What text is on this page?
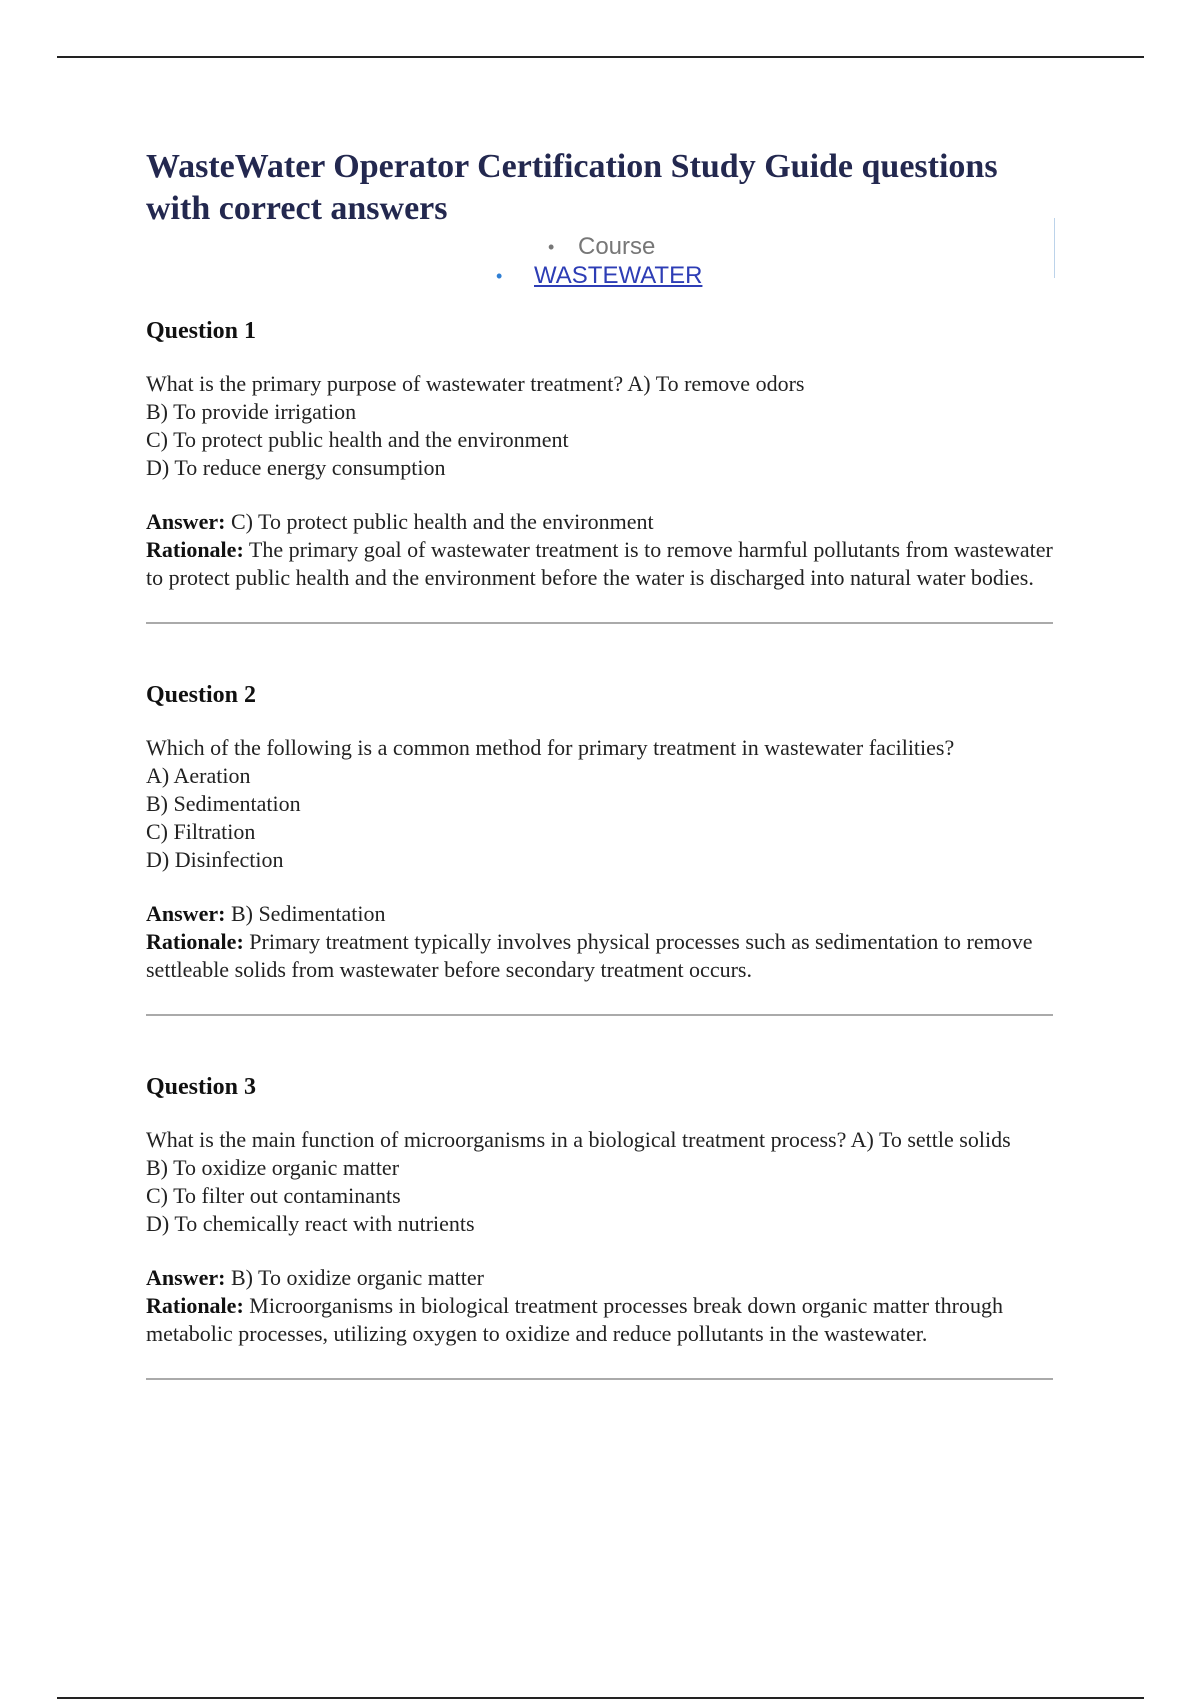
WasteWater Operator Certification Study Guide questions with correct answers
• Course
• WASTEWATER
Question 1
What is the primary purpose of wastewater treatment? A) To remove odors
B) To provide irrigation
C) To protect public health and the environment
D) To reduce energy consumption
Answer: C) To protect public health and the environment
Rationale: The primary goal of wastewater treatment is to remove harmful pollutants from wastewater to protect public health and the environment before the water is discharged into natural water bodies.
Question 2
Which of the following is a common method for primary treatment in wastewater facilities?
A) Aeration
B) Sedimentation
C) Filtration
D) Disinfection
Answer: B) Sedimentation
Rationale: Primary treatment typically involves physical processes such as sedimentation to remove settleable solids from wastewater before secondary treatment occurs.
Question 3
What is the main function of microorganisms in a biological treatment process? A) To settle solids
B) To oxidize organic matter
C) To filter out contaminants
D) To chemically react with nutrients
Answer: B) To oxidize organic matter
Rationale: Microorganisms in biological treatment processes break down organic matter through metabolic processes, utilizing oxygen to oxidize and reduce pollutants in the wastewater.
